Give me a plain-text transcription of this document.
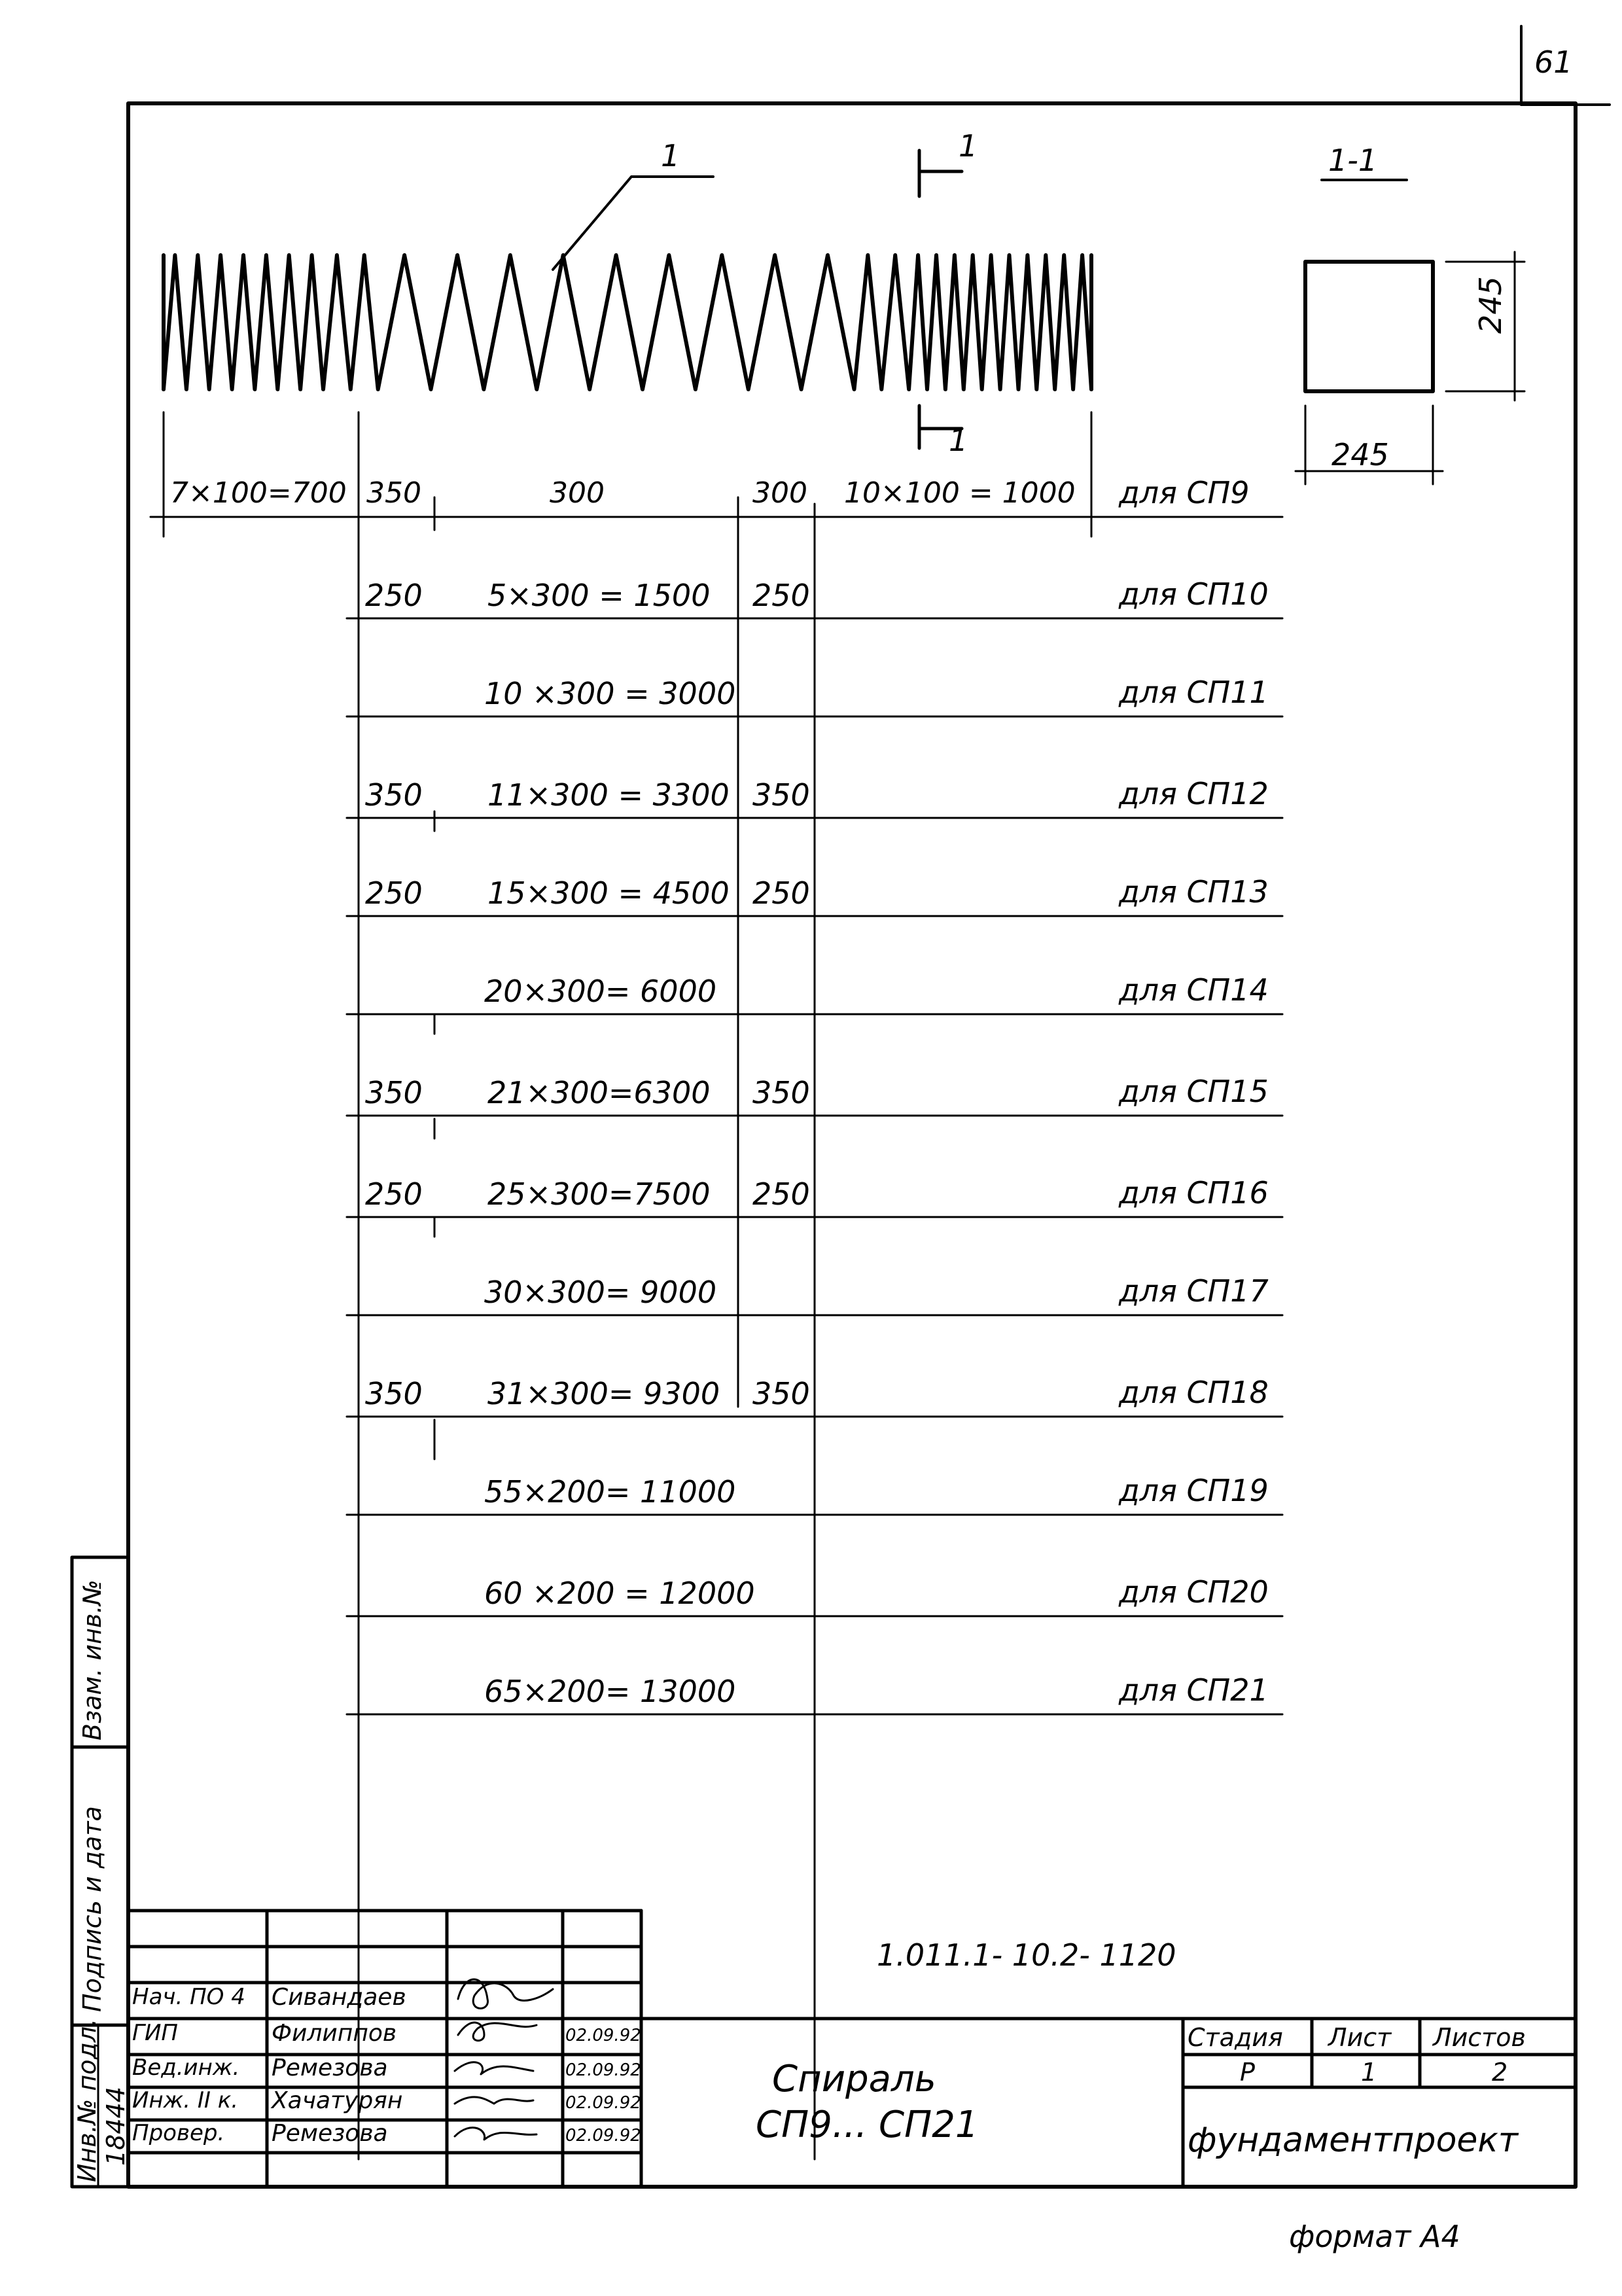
61
1	1
1
1-1
245
245
7×100=700 350	300	300 10×100 = 1000 для СП9
250 5×300 = 1500 250	для СП10
10 ×300 = 3000	для СП11
350 11×300 = 3300 350	для СП12
250 15×300 = 4500 250	для СП13
20×300= 6000	для СП14
350 21×300=6300 350	для СП15
250 25×300=7500 250	для СП16
30×300= 9000	для СП17
350 31×300= 9300 350	для СП18
55×200= 11000	для СП19
60 ×200 = 12000	для СП20
65×200= 13000	для СП21
Взам. инв.№
Подпись и дата
Инв.№ подл. 18444
1.011.1- 10.2- 1120
Спираль
СП9... СП21
Нач. ПО 4 Сивандаев
ГИП	Филиппов	02.09.92
Вед.инж. Ремезова	02.09.92
Инж. II к. Хачатурян	02.09.92
Провер. Ремезова	02.09.92
Стадия Лист Листов
Р	1	2
фундаментпроект
формат А4
